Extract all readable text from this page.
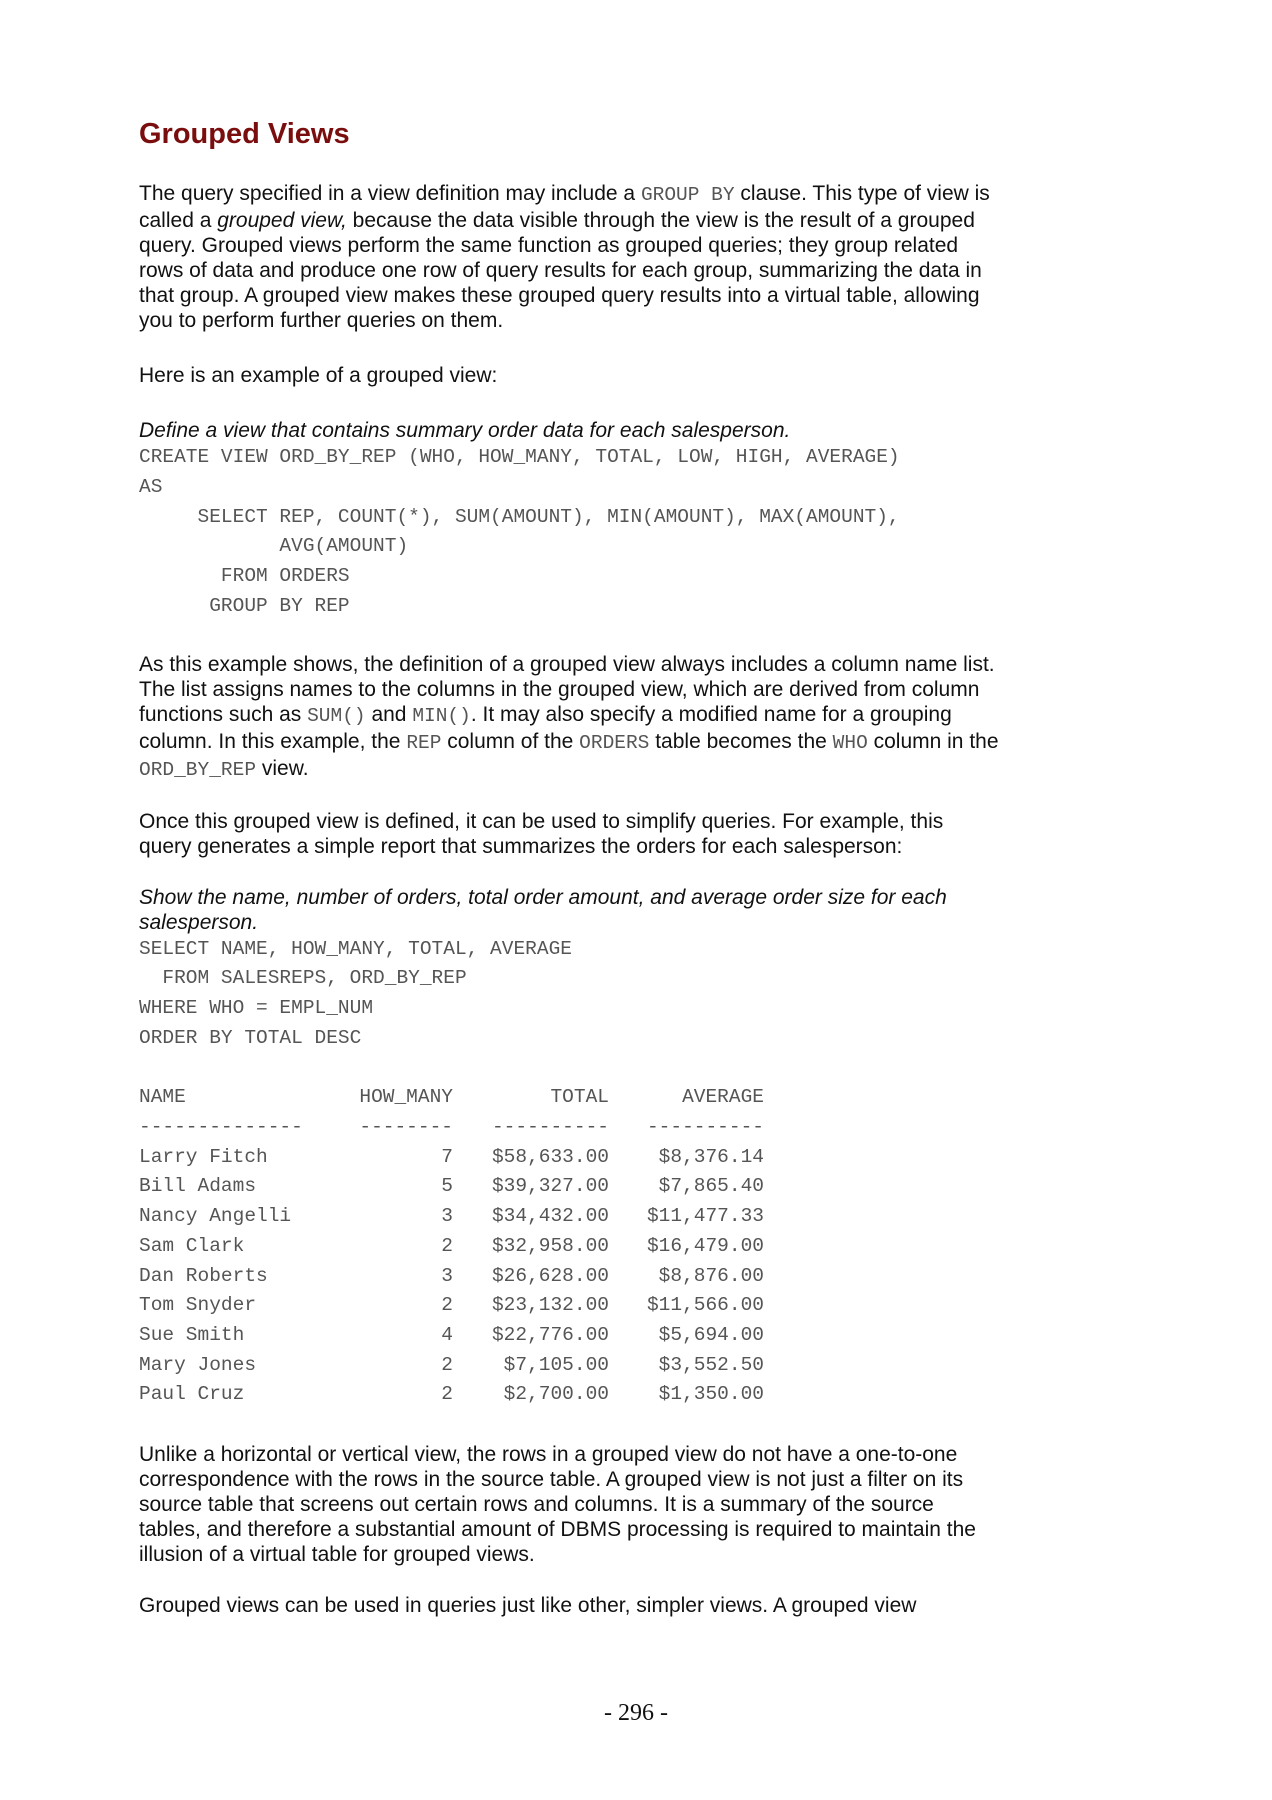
Grouped Views

The query specified in a view definition may include a GROUP BY clause. This type of view is called a grouped view, because the data visible through the view is the result of a grouped query. Grouped views perform the same function as grouped queries; they group related rows of data and produce one row of query results for each group, summarizing the data in that group. A grouped view makes these grouped query results into a virtual table, allowing you to perform further queries on them.

Here is an example of a grouped view:

Define a view that contains summary order data for each salesperson.

CREATE VIEW ORD_BY_REP (WHO, HOW_MANY, TOTAL, LOW, HIGH, AVERAGE)
AS
SELECT REP, COUNT(*), SUM(AMOUNT), MIN(AMOUNT), MAX(AMOUNT),
AVG(AMOUNT)
FROM ORDERS
GROUP BY REP

As this example shows, the definition of a grouped view always includes a column name list. The list assigns names to the columns in the grouped view, which are derived from column functions such as SUM() and MIN(). It may also specify a modified name for a grouping column. In this example, the REP column of the ORDERS table becomes the WHO column in the ORD_BY_REP view.

Once this grouped view is defined, it can be used to simplify queries. For example, this query generates a simple report that summarizes the orders for each salesperson:

Show the name, number of orders, total order amount, and average order size for each salesperson.

SELECT NAME, HOW_MANY, TOTAL, AVERAGE
FROM SALESREPS, ORD_BY_REP
WHERE WHO = EMPL_NUM
ORDER BY TOTAL DESC
NAME	HOW_MANY	TOTAL	AVERAGE
--------------	-------- ---------- ----------
Larry Fitch	7 $58,633.00	$8,376.14
Bill Adams	5 $39,327.00	$7,865.40
Nancy Angelli	3 $34,432.00 $11,477.33
Sam Clark	2 $32,958.00 $16,479.00
Dan Roberts	3 $26,628.00	$8,876.00
Tom Snyder	2 $23,132.00 $11,566.00
Sue Smith	4 $22,776.00	$5,694.00
Mary Jones	2	$7,105.00	$3,552.50
Paul Cruz	2	$2,700.00	$1,350.00

Unlike a horizontal or vertical view, the rows in a grouped view do not have a one-to-one correspondence with the rows in the source table. A grouped view is not just a filter on its source table that screens out certain rows and columns. It is a summary of the source tables, and therefore a substantial amount of DBMS processing is required to maintain the illusion of a virtual table for grouped views.

Grouped views can be used in queries just like other, simpler views. A grouped view

- 296 -
